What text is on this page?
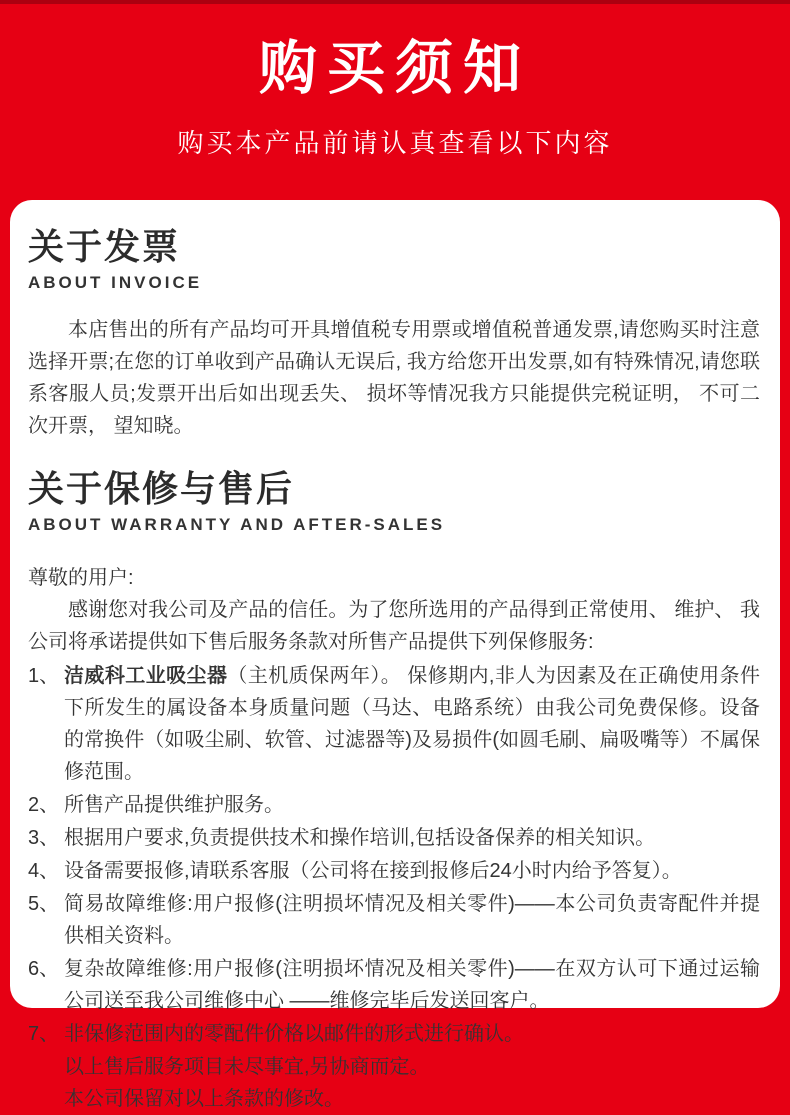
购买须知
购买本产品前请认真查看以下内容
关于发票
ABOUT INVOICE

本店售出的所有产品均可开具增值税专用票或增值税普通发票,请您购买时注意选择开票;在您的订单收到产品确认无误后, 我方给您开出发票,如有特殊情况,请您联系客服人员;发票开出后如出现丢失、 损坏等情况我方只能提供完税证明， 不可二次开票， 望知晓。

关于保修与售后
ABOUT WARRANTY AND AFTER-SALES
尊敬的用户:

感谢您对我公司及产品的信任。为了您所选用的产品得到正常使用、 维护、 我公司将承诺提供如下售后服务条款对所售产品提供下列保修服务:

1、 洁威科工业吸尘器（主机质保两年）。 保修期内,非人为因素及在正确使用条件下所发生的属设备本身质量问题（马达、电路系统）由我公司免费保修。设备的常换件（如吸尘刷、软管、过滤器等)及易损件(如圆毛刷、扁吸嘴等）不属保修范围。
2、 所售产品提供维护服务。
3、 根据用户要求,负责提供技术和操作培训,包括设备保养的相关知识。
4、 设备需要报修,请联系客服（公司将在接到报修后24小时内给予答复）。
5、 简易故障维修:用户报修(注明损坏情况及相关零件)——本公司负责寄配件并提供相关资料。
6、 复杂故障维修:用户报修(注明损坏情况及相关零件)——在双方认可下通过运输公司送至我公司维修中心 ——维修完毕后发送回客户。
7、 非保修范围内的零配件价格以邮件的形式进行确认。
以上售后服务项目未尽事宜,另协商而定。
本公司保留对以上条款的修改。
